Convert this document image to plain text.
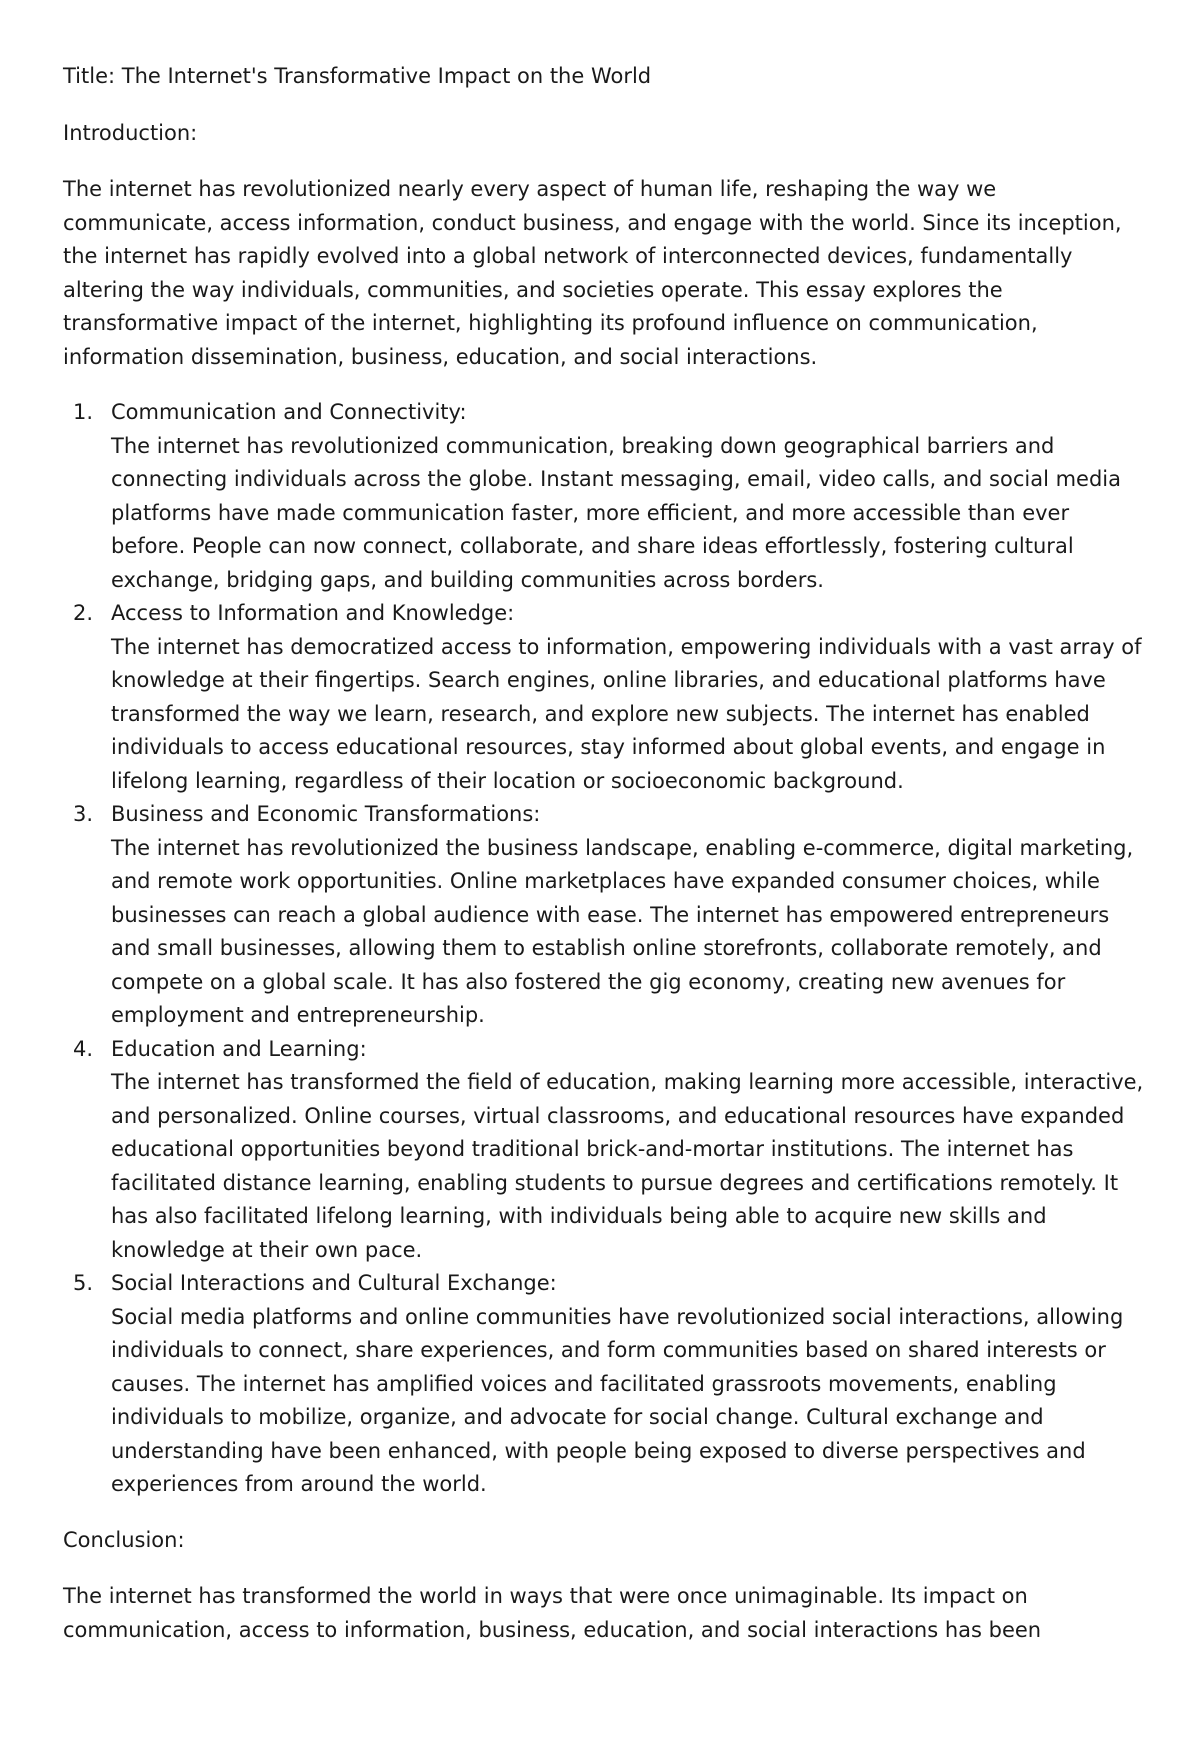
Title: The Internet's Transformative Impact on the World

Introduction:

The internet has revolutionized nearly every aspect of human life, reshaping the way we
communicate, access information, conduct business, and engage with the world. Since its inception,
the internet has rapidly evolved into a global network of interconnected devices, fundamentally
altering the way individuals, communities, and societies operate. This essay explores the
transformative impact of the internet, highlighting its profound influence on communication,
information dissemination, business, education, and social interactions.

1. Communication and Connectivity:
The internet has revolutionized communication, breaking down geographical barriers and
connecting individuals across the globe. Instant messaging, email, video calls, and social media
platforms have made communication faster, more efficient, and more accessible than ever
before. People can now connect, collaborate, and share ideas effortlessly, fostering cultural
exchange, bridging gaps, and building communities across borders.
2. Access to Information and Knowledge:
The internet has democratized access to information, empowering individuals with a vast array of
knowledge at their fingertips. Search engines, online libraries, and educational platforms have
transformed the way we learn, research, and explore new subjects. The internet has enabled
individuals to access educational resources, stay informed about global events, and engage in
lifelong learning, regardless of their location or socioeconomic background.
3. Business and Economic Transformations:
The internet has revolutionized the business landscape, enabling e-commerce, digital marketing,
and remote work opportunities. Online marketplaces have expanded consumer choices, while
businesses can reach a global audience with ease. The internet has empowered entrepreneurs
and small businesses, allowing them to establish online storefronts, collaborate remotely, and
compete on a global scale. It has also fostered the gig economy, creating new avenues for
employment and entrepreneurship.
4. Education and Learning:
The internet has transformed the field of education, making learning more accessible, interactive,
and personalized. Online courses, virtual classrooms, and educational resources have expanded
educational opportunities beyond traditional brick-and-mortar institutions. The internet has
facilitated distance learning, enabling students to pursue degrees and certifications remotely. It
has also facilitated lifelong learning, with individuals being able to acquire new skills and
knowledge at their own pace.
5. Social Interactions and Cultural Exchange:
Social media platforms and online communities have revolutionized social interactions, allowing
individuals to connect, share experiences, and form communities based on shared interests or
causes. The internet has amplified voices and facilitated grassroots movements, enabling
individuals to mobilize, organize, and advocate for social change. Cultural exchange and
understanding have been enhanced, with people being exposed to diverse perspectives and
experiences from around the world.

Conclusion:

The internet has transformed the world in ways that were once unimaginable. Its impact on
communication, access to information, business, education, and social interactions has been
